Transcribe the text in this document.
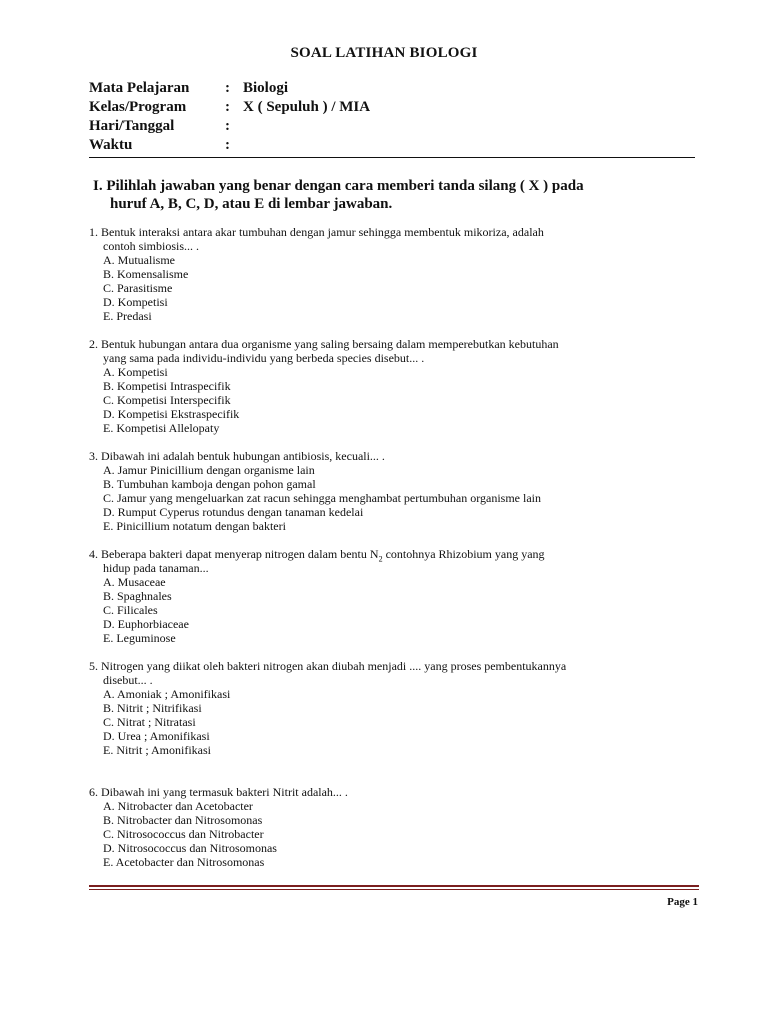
SOAL LATIHAN BIOLOGI
Mata Pelajaran : Biologi
Kelas/Program	: X ( Sepuluh ) / MIA
Hari/Tanggal	:
Waktu	:
I. Pilihlah jawaban yang benar dengan cara memberi tanda silang ( X ) pada
huruf A, B, C, D, atau E di lembar jawaban.
1. Bentuk interaksi antara akar tumbuhan dengan jamur sehingga membentuk mikoriza, adalah
contoh simbiosis... .
A. Mutualisme
B. Komensalisme
C. Parasitisme
D. Kompetisi
E. Predasi
2. Bentuk hubungan antara dua organisme yang saling bersaing dalam memperebutkan kebutuhan
yang sama pada individu-individu yang berbeda species disebut... .
A. Kompetisi
B. Kompetisi Intraspecifik
C. Kompetisi Interspecifik
D. Kompetisi Ekstraspecifik
E. Kompetisi Allelopaty
3. Dibawah ini adalah bentuk hubungan antibiosis, kecuali... .
A. Jamur Pinicillium dengan organisme lain
B. Tumbuhan kamboja dengan pohon gamal
C. Jamur yang mengeluarkan zat racun sehingga menghambat pertumbuhan organisme lain
D. Rumput Cyperus rotundus dengan tanaman kedelai
E. Pinicillium notatum dengan bakteri
4. Beberapa bakteri dapat menyerap nitrogen dalam bentu $N_2$ contohnya Rhizobium yang yang
hidup pada tanaman...
A. Musaceae
B. Spaghnales
C. Filicales
D. Euphorbiaceae
E. Leguminose
5. Nitrogen yang diikat oleh bakteri nitrogen akan diubah menjadi .... yang proses pembentukannya
disebut... .
A. Amoniak ; Amonifikasi
B. Nitrit ; Nitrifikasi
C. Nitrat ; Nitratasi
D. Urea ; Amonifikasi
E. Nitrit ; Amonifikasi
6. Dibawah ini yang termasuk bakteri Nitrit adalah... .
A. Nitrobacter dan Acetobacter
B. Nitrobacter dan Nitrosomonas
C. Nitrosococcus dan Nitrobacter
D. Nitrosococcus dan Nitrosomonas
E. Acetobacter dan Nitrosomonas
Page 1
